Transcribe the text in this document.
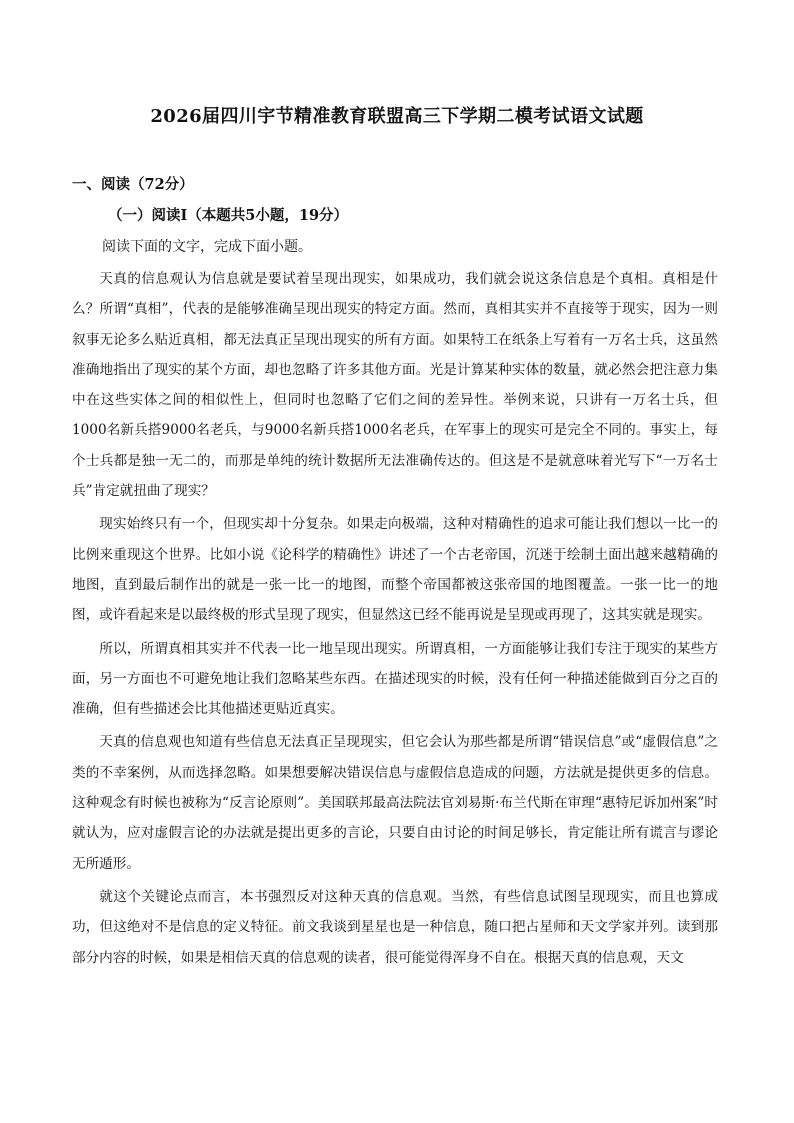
2026届四川宇节精准教育联盟高三下学期二模考试语文试题
一、阅读（72分）
（一）阅读Ⅰ（本题共5小题，19分）
阅读下面的文字，完成下面小题。

天真的信息观认为信息就是要试着呈现出现实，如果成功，我们就会说这条信息是个真相。真相是什么？所谓“真相”，代表的是能够准确呈现出现实的特定方面。然而，真相其实并不直接等于现实，因为一则叙事无论多么贴近真相，都无法真正呈现出现实的所有方面。如果特工在纸条上写着有一万名士兵，这虽然准确地指出了现实的某个方面，却也忽略了许多其他方面。光是计算某种实体的数量，就必然会把注意力集中在这些实体之间的相似性上，但同时也忽略了它们之间的差异性。举例来说，只讲有一万名士兵，但1000名新兵搭9000名老兵，与9000名新兵搭1000名老兵，在军事上的现实可是完全不同的。事实上，每个士兵都是独一无二的，而那是单纯的统计数据所无法准确传达的。但这是不是就意味着光写下“一万名士兵”肯定就扭曲了现实？

现实始终只有一个，但现实却十分复杂。如果走向极端，这种对精确性的追求可能让我们想以一比一的比例来重现这个世界。比如小说《论科学的精确性》讲述了一个古老帝国，沉迷于绘制土面出越来越精确的地图，直到最后制作出的就是一张一比一的地图，而整个帝国都被这张帝国的地图覆盖。一张一比一的地图，或许看起来是以最终极的形式呈现了现实，但显然这已经不能再说是呈现或再现了，这其实就是现实。

所以，所谓真相其实并不代表一比一地呈现出现实。所谓真相，一方面能够让我们专注于现实的某些方面，另一方面也不可避免地让我们忽略某些东西。在描述现实的时候，没有任何一种描述能做到百分之百的准确，但有些描述会比其他描述更贴近真实。

天真的信息观也知道有些信息无法真正呈现现实，但它会认为那些都是所谓“错误信息”或“虚假信息”之类的不幸案例，从而选择忽略。如果想要解决错误信息与虚假信息造成的问题，方法就是提供更多的信息。这种观念有时候也被称为“反言论原则”。美国联邦最高法院法官刘易斯·布兰代斯在审理“惠特尼诉加州案”时就认为，应对虚假言论的办法就是提出更多的言论，只要自由讨论的时间足够长，肯定能让所有谎言与谬论无所遁形。

就这个关键论点而言，本书强烈反对这种天真的信息观。当然，有些信息试图呈现现实，而且也算成功，但这绝对不是信息的定义特征。前文我谈到星星也是一种信息，随口把占星师和天文学家并列。读到那部分内容的时候，如果是相信天真的信息观的读者，很可能觉得浑身不自在。根据天真的信息观，天文
